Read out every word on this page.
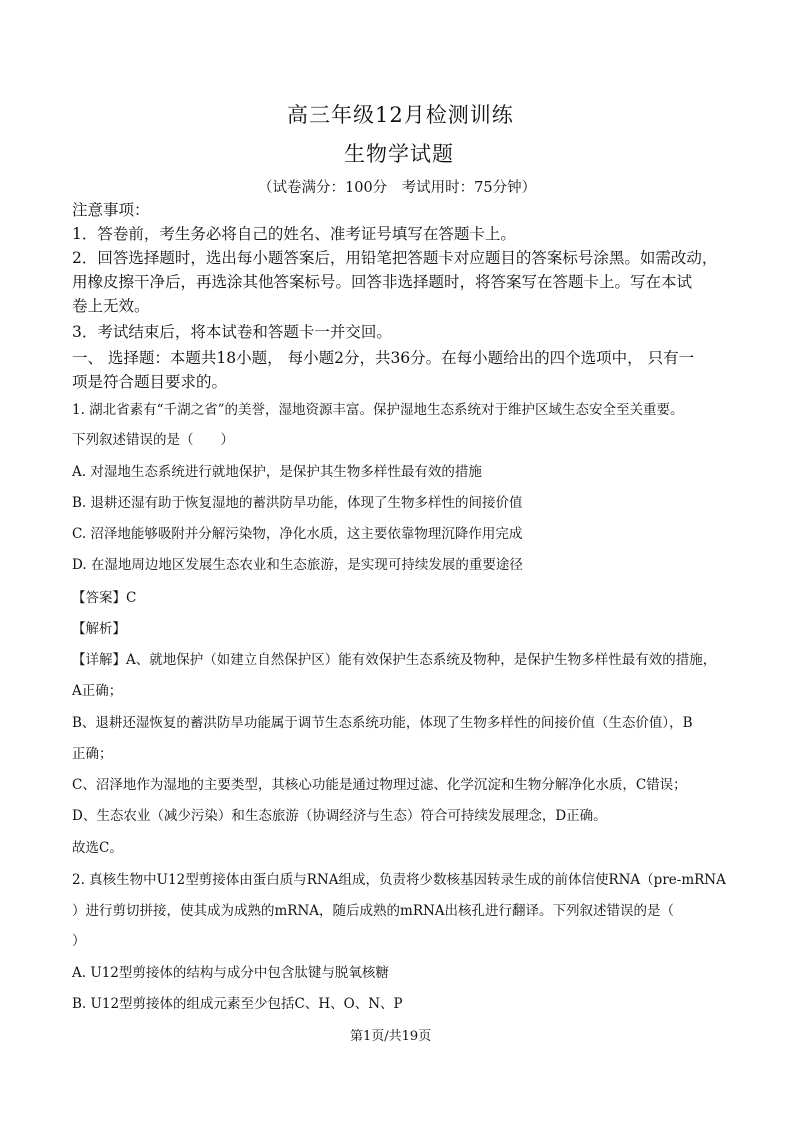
高三年级12月检测训练
生物学试题
（试卷满分：100分　考试用时：75分钟）
注意事项：
1．答卷前，考生务必将自己的姓名、准考证号填写在答题卡上。
2．回答选择题时，选出每小题答案后，用铅笔把答题卡对应题目的答案标号涂黑。如需改动，
用橡皮擦干净后，再选涂其他答案标号。回答非选择题时，将答案写在答题卡上。写在本试
卷上无效。
3．考试结束后，将本试卷和答题卡一并交回。
一、 选择题：本题共18小题， 每小题2分，共36分。在每小题给出的四个选项中， 只有一
项是符合题目要求的。
1. 湖北省素有“千湖之省”的美誉，湿地资源丰富。保护湿地生态系统对于维护区域生态安全至关重要。
下列叙述错误的是（　　）
A. 对湿地生态系统进行就地保护，是保护其生物多样性最有效的措施
B. 退耕还湿有助于恢复湿地的蓄洪防旱功能，体现了生物多样性的间接价值
C. 沼泽地能够吸附并分解污染物，净化水质，这主要依靠物理沉降作用完成
D. 在湿地周边地区发展生态农业和生态旅游，是实现可持续发展的重要途径
【答案】C
【解析】
【详解】A、就地保护（如建立自然保护区）能有效保护生态系统及物种，是保护生物多样性最有效的措施，
A正确；
B、退耕还湿恢复的蓄洪防旱功能属于调节生态系统功能，体现了生物多样性的间接价值（生态价值），B
正确；
C、沼泽地作为湿地的主要类型，其核心功能是通过物理过滤、化学沉淀和生物分解净化水质，C错误；
D、生态农业（减少污染）和生态旅游（协调经济与生态）符合可持续发展理念，D正确。
故选C。
2. 真核生物中U12型剪接体由蛋白质与RNA组成，负责将少数核基因转录生成的前体信使RNA（pre-mRNA
）进行剪切拼接，使其成为成熟的mRNA，随后成熟的mRNA出核孔进行翻译。下列叙述错误的是（
）
A. U12型剪接体的结构与成分中包含肽键与脱氧核糖
B. U12型剪接体的组成元素至少包括C、H、O、N、P
第1页/共19页
